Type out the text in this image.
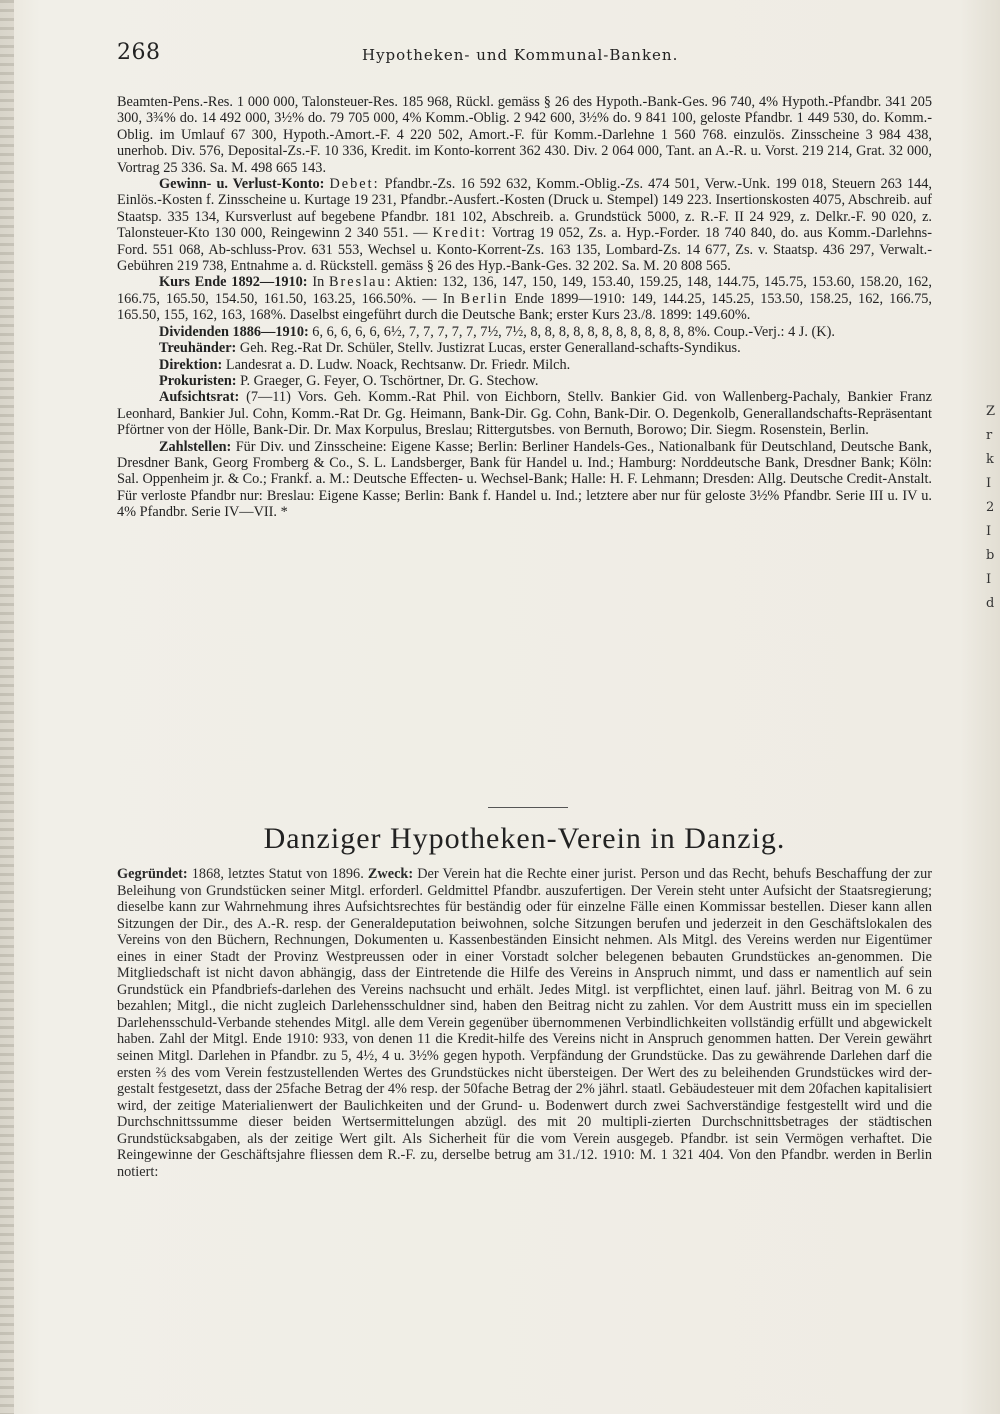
268	Hypotheken- und Kommunal-Banken.
Z
r
k
I
2
I
b
I
d

Beamten-Pens.-Res. 1 000 000, Talonsteuer-Res. 185 968, Rückl. gemäss § 26 des Hypoth.-Bank-Ges. 96 740, 4% Hypoth.-Pfandbr. 341 205 300, 3¾% do. 14 492 000, 3½% do. 79 705 000, 4% Komm.-Oblig. 2 942 600, 3½% do. 9 841 100, geloste Pfandbr. 1 449 530, do. Komm.-Oblig. im Umlauf 67 300, Hypoth.-Amort.-F. 4 220 502, Amort.-F. für Komm.-Darlehne 1 560 768. einzulös. Zinsscheine 3 984 438, unerhob. Div. 576, Deposital-Zs.-F. 10 336, Kredit. im Konto-korrent 362 430. Div. 2 064 000, Tant. an A.-R. u. Vorst. 219 214, Grat. 32 000, Vortrag 25 336. Sa. M. 498 665 143.

Gewinn- u. Verlust-Konto: Debet: Pfandbr.-Zs. 16 592 632, Komm.-Oblig.-Zs. 474 501, Verw.-Unk. 199 018, Steuern 263 144, Einlös.-Kosten f. Zinsscheine u. Kurtage 19 231, Pfandbr.-Ausfert.-Kosten (Druck u. Stempel) 149 223. Insertionskosten 4075, Abschreib. auf Staatsp. 335 134, Kursverlust auf begebene Pfandbr. 181 102, Abschreib. a. Grundstück 5000, z. R.-F. II 24 929, z. Delkr.-F. 90 020, z. Talonsteuer-Kto 130 000, Reingewinn 2 340 551. — Kredit: Vortrag 19 052, Zs. a. Hyp.-Forder. 18 740 840, do. aus Komm.-Darlehns-Ford. 551 068, Ab-schluss-Prov. 631 553, Wechsel u. Konto-Korrent-Zs. 163 135, Lombard-Zs. 14 677, Zs. v. Staatsp. 436 297, Verwalt.-Gebühren 219 738, Entnahme a. d. Rückstell. gemäss § 26 des Hyp.-Bank-Ges. 32 202. Sa. M. 20 808 565.

Kurs Ende 1892—1910: In Breslau: Aktien: 132, 136, 147, 150, 149, 153.40, 159.25, 148, 144.75, 145.75, 153.60, 158.20, 162, 166.75, 165.50, 154.50, 161.50, 163.25, 166.50%. — In Berlin Ende 1899—1910: 149, 144.25, 145.25, 153.50, 158.25, 162, 166.75, 165.50, 155, 162, 163, 168%. Daselbst eingeführt durch die Deutsche Bank; erster Kurs 23./8. 1899: 149.60%.

Dividenden 1886—1910: 6, 6, 6, 6, 6, 6½, 7, 7, 7, 7, 7, 7½, 7½, 8, 8, 8, 8, 8, 8, 8, 8, 8, 8, 8, 8%. Coup.-Verj.: 4 J. (K).

Treuhänder: Geh. Reg.-Rat Dr. Schüler, Stellv. Justizrat Lucas, erster Generalland-schafts-Syndikus.

Direktion: Landesrat a. D. Ludw. Noack, Rechtsanw. Dr. Friedr. Milch.

Prokuristen: P. Graeger, G. Feyer, O. Tschörtner, Dr. G. Stechow.

Aufsichtsrat: (7—11) Vors. Geh. Komm.-Rat Phil. von Eichborn, Stellv. Bankier Gid. von Wallenberg-Pachaly, Bankier Franz Leonhard, Bankier Jul. Cohn, Komm.-Rat Dr. Gg. Heimann, Bank-Dir. Gg. Cohn, Bank-Dir. O. Degenkolb, Generallandschafts-Repräsentant Pförtner von der Hölle, Bank-Dir. Dr. Max Korpulus, Breslau; Rittergutsbes. von Bernuth, Borowo; Dir. Siegm. Rosenstein, Berlin.

Zahlstellen: Für Div. und Zinsscheine: Eigene Kasse; Berlin: Berliner Handels-Ges., Nationalbank für Deutschland, Deutsche Bank, Dresdner Bank, Georg Fromberg & Co., S. L. Landsberger, Bank für Handel u. Ind.; Hamburg: Norddeutsche Bank, Dresdner Bank; Köln: Sal. Oppenheim jr. & Co.; Frankf. a. M.: Deutsche Effecten- u. Wechsel-Bank; Halle: H. F. Lehmann; Dresden: Allg. Deutsche Credit-Anstalt. Für verloste Pfandbr nur: Breslau: Eigene Kasse; Berlin: Bank f. Handel u. Ind.; letztere aber nur für geloste 3½% Pfandbr. Serie III u. IV u. 4% Pfandbr. Serie IV—VII. *

Danziger Hypotheken-Verein in Danzig.

Gegründet: 1868, letztes Statut von 1896. Zweck: Der Verein hat die Rechte einer jurist. Person und das Recht, behufs Beschaffung der zur Beleihung von Grundstücken seiner Mitgl. erforderl. Geldmittel Pfandbr. auszufertigen. Der Verein steht unter Aufsicht der Staatsregierung; dieselbe kann zur Wahrnehmung ihres Aufsichtsrechtes für beständig oder für einzelne Fälle einen Kommissar bestellen. Dieser kann allen Sitzungen der Dir., des A.-R. resp. der Generaldeputation beiwohnen, solche Sitzungen berufen und jederzeit in den Geschäftslokalen des Vereins von den Büchern, Rechnungen, Dokumenten u. Kassenbeständen Einsicht nehmen. Als Mitgl. des Vereins werden nur Eigentümer eines in einer Stadt der Provinz Westpreussen oder in einer Vorstadt solcher belegenen bebauten Grundstückes an-genommen. Die Mitgliedschaft ist nicht davon abhängig, dass der Eintretende die Hilfe des Vereins in Anspruch nimmt, und dass er namentlich auf sein Grundstück ein Pfandbriefs-darlehen des Vereins nachsucht und erhält. Jedes Mitgl. ist verpflichtet, einen lauf. jährl. Beitrag von M. 6 zu bezahlen; Mitgl., die nicht zugleich Darlehensschuldner sind, haben den Beitrag nicht zu zahlen. Vor dem Austritt muss ein im speciellen Darlehensschuld-Verbande stehendes Mitgl. alle dem Verein gegenüber übernommenen Verbindlichkeiten vollständig erfüllt und abgewickelt haben. Zahl der Mitgl. Ende 1910: 933, von denen 11 die Kredit-hilfe des Vereins nicht in Anspruch genommen hatten. Der Verein gewährt seinen Mitgl. Darlehen in Pfandbr. zu 5, 4½, 4 u. 3½% gegen hypoth. Verpfändung der Grundstücke. Das zu gewährende Darlehen darf die ersten ⅔ des vom Verein festzustellenden Wertes des Grundstückes nicht übersteigen. Der Wert des zu beleihenden Grundstückes wird der-gestalt festgesetzt, dass der 25fache Betrag der 4% resp. der 50fache Betrag der 2% jährl. staatl. Gebäudesteuer mit dem 20fachen kapitalisiert wird, der zeitige Materialienwert der Baulichkeiten und der Grund- u. Bodenwert durch zwei Sachverständige festgestellt wird und die Durchschnittssumme dieser beiden Wertsermittelungen abzügl. des mit 20 multipli-zierten Durchschnittsbetrages der städtischen Grundstücksabgaben, als der zeitige Wert gilt. Als Sicherheit für die vom Verein ausgegeb. Pfandbr. ist sein Vermögen verhaftet. Die Reingewinne der Geschäftsjahre fliessen dem R.-F. zu, derselbe betrug am 31./12. 1910: M. 1 321 404. Von den Pfandbr. werden in Berlin notiert:
